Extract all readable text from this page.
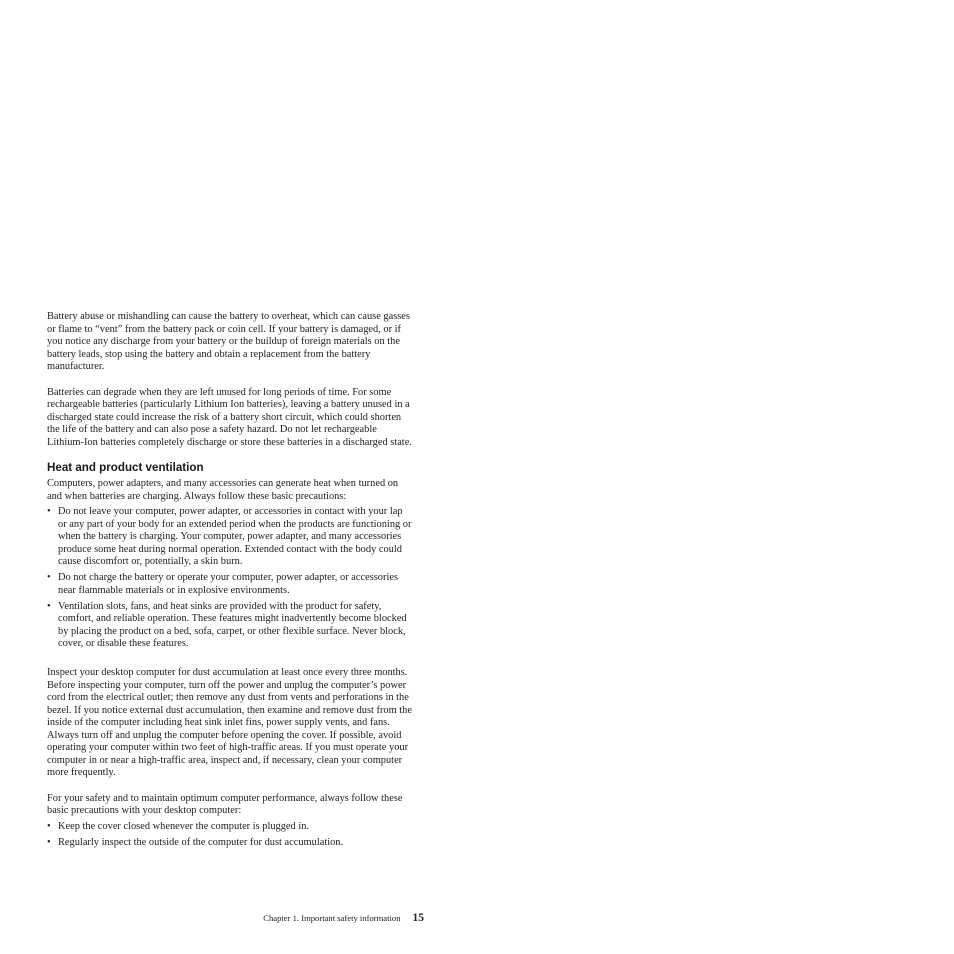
Battery abuse or mishandling can cause the battery to overheat, which can cause gasses or flame to “vent” from the battery pack or coin cell. If your battery is damaged, or if you notice any discharge from your battery or the buildup of foreign materials on the battery leads, stop using the battery and obtain a replacement from the battery manufacturer.

Batteries can degrade when they are left unused for long periods of time. For some rechargeable batteries (particularly Lithium Ion batteries), leaving a battery unused in a discharged state could increase the risk of a battery short circuit, which could shorten the life of the battery and can also pose a safety hazard. Do not let rechargeable Lithium-Ion batteries completely discharge or store these batteries in a discharged state.

Heat and product ventilation

Computers, power adapters, and many accessories can generate heat when turned on and when batteries are charging. Always follow these basic precautions:

• Do not leave your computer, power adapter, or accessories in contact with your lap or any part of your body for an extended period when the products are functioning or when the battery is charging. Your computer, power adapter, and many accessories produce some heat during normal operation. Extended contact with the body could cause discomfort or, potentially, a skin burn.
• Do not charge the battery or operate your computer, power adapter, or accessories near flammable materials or in explosive environments.
• Ventilation slots, fans, and heat sinks are provided with the product for safety, comfort, and reliable operation. These features might inadvertently become blocked by placing the product on a bed, sofa, carpet, or other flexible surface. Never block, cover, or disable these features.

Inspect your desktop computer for dust accumulation at least once every three months. Before inspecting your computer, turn off the power and unplug the computer’s power cord from the electrical outlet; then remove any dust from vents and perforations in the bezel. If you notice external dust accumulation, then examine and remove dust from the inside of the computer including heat sink inlet fins, power supply vents, and fans. Always turn off and unplug the computer before opening the cover. If possible, avoid operating your computer within two feet of high-traffic areas. If you must operate your computer in or near a high-traffic area, inspect and, if necessary, clean your computer more frequently.

For your safety and to maintain optimum computer performance, always follow these basic precautions with your desktop computer:

• Keep the cover closed whenever the computer is plugged in.
• Regularly inspect the outside of the computer for dust accumulation.
Chapter 1. Important safety information 15
